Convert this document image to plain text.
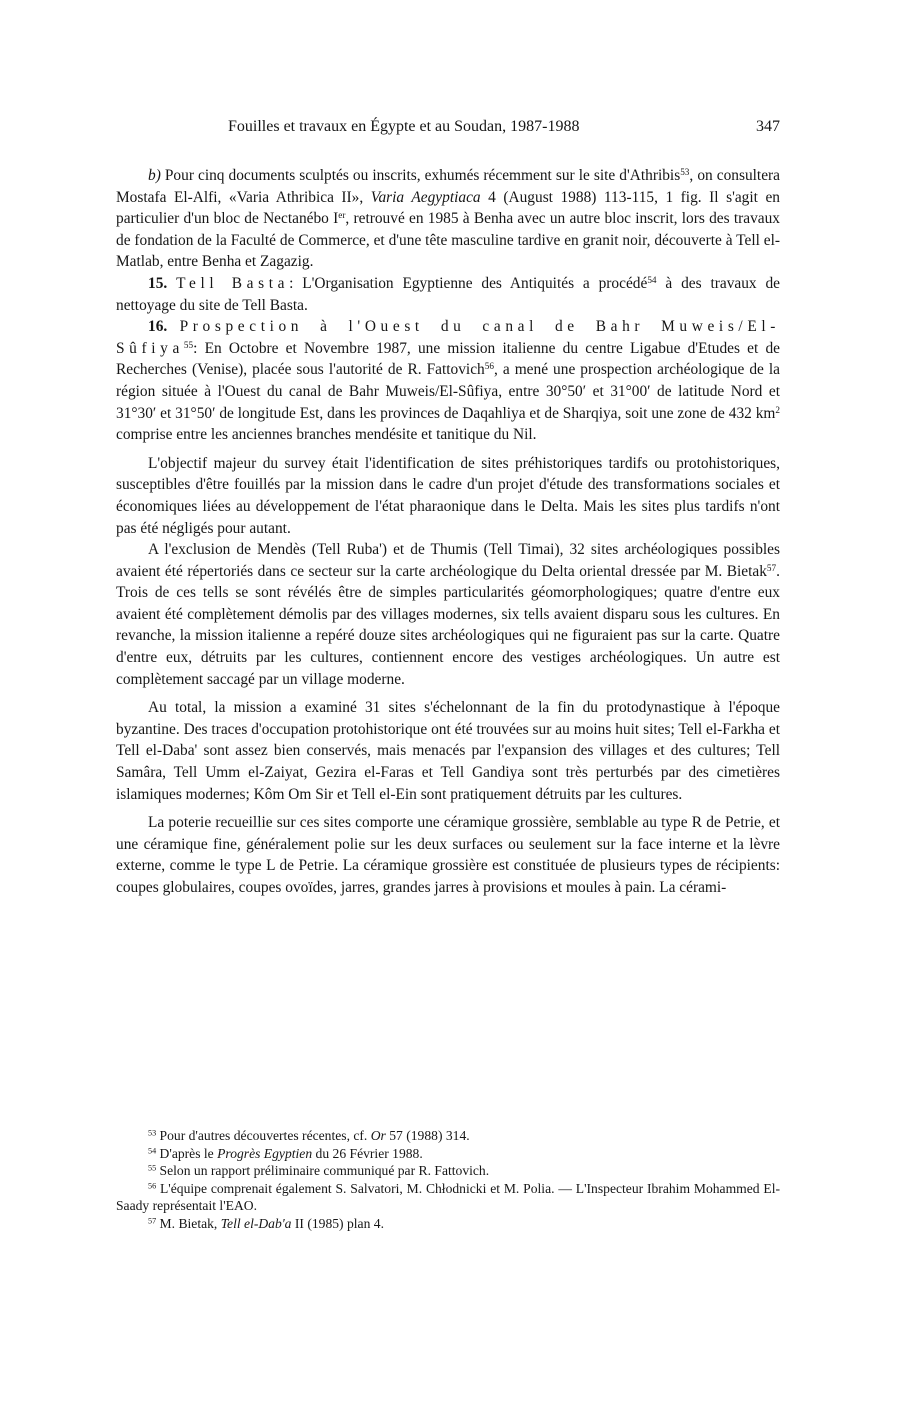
Fouilles et travaux en Égypte et au Soudan, 1987-1988	347

b) Pour cinq documents sculptés ou inscrits, exhumés récemment sur le site d'Athribis$^{53}$, on consultera Mostafa El-Alfi, «Varia Athribica II», Varia Aegyptiaca 4 (August 1988) 113-115, 1 fig. Il s'agit en particulier d'un bloc de Nectanébo Ier, retrouvé en 1985 à Benha avec un autre bloc inscrit, lors des travaux de fondation de la Faculté de Commerce, et d'une tête masculine tardive en granit noir, découverte à Tell el-Matlab, entre Benha et Zagazig.

15. Tell Basta: L'Organisation Egyptienne des Antiquités a procédé$^{54}$ à des travaux de nettoyage du site de Tell Basta.

16. Prospection à l'Ouest du canal de Bahr Muweis/El-Sûfiya$^{55}$: En Octobre et Novembre 1987, une mission italienne du centre Ligabue d'Etudes et de Recherches (Venise), placée sous l'autorité de R. Fattovich$^{56}$, a mené une prospection archéologique de la région située à l'Ouest du canal de Bahr Muweis/El-Sûfiya, entre 30°50′ et 31°00′ de latitude Nord et 31°30′ et 31°50′ de longitude Est, dans les provinces de Daqahliya et de Sharqiya, soit une zone de 432 $km^2$ comprise entre les anciennes branches mendésite et tanitique du Nil.

L'objectif majeur du survey était l'identification de sites préhistoriques tardifs ou protohistoriques, susceptibles d'être fouillés par la mission dans le cadre d'un projet d'étude des transformations sociales et économiques liées au développement de l'état pharaonique dans le Delta. Mais les sites plus tardifs n'ont pas été négligés pour autant.

A l'exclusion de Mendès (Tell Ruba') et de Thumis (Tell Timai), 32 sites archéologiques possibles avaient été répertoriés dans ce secteur sur la carte archéologique du Delta oriental dressée par M. Bietak$^{57}$. Trois de ces tells se sont révélés être de simples particularités géomorphologiques; quatre d'entre eux avaient été complètement démolis par des villages modernes, six tells avaient disparu sous les cultures. En revanche, la mission italienne a repéré douze sites archéologiques qui ne figuraient pas sur la carte. Quatre d'entre eux, détruits par les cultures, contiennent encore des vestiges archéologiques. Un autre est complètement saccagé par un village moderne.

Au total, la mission a examiné 31 sites s'échelonnant de la fin du protodynastique à l'époque byzantine. Des traces d'occupation protohistorique ont été trouvées sur au moins huit sites; Tell el-Farkha et Tell el-Daba' sont assez bien conservés, mais menacés par l'expansion des villages et des cultures; Tell Samâra, Tell Umm el-Zaiyat, Gezira el-Faras et Tell Gandiya sont très perturbés par des cimetières islamiques modernes; Kôm Om Sir et Tell el-Ein sont pratiquement détruits par les cultures.

La poterie recueillie sur ces sites comporte une céramique grossière, semblable au type R de Petrie, et une céramique fine, généralement polie sur les deux surfaces ou seulement sur la face interne et la lèvre externe, comme le type L de Petrie. La céramique grossière est constituée de plusieurs types de récipients: coupes globulaires, coupes ovoïdes, jarres, grandes jarres à provisions et moules à pain. La cérami-

$^{53}$ Pour d'autres découvertes récentes, cf. Or 57 (1988) 314.

$^{54}$ D'après le Progrès Egyptien du 26 Février 1988.

$^{55}$ Selon un rapport préliminaire communiqué par R. Fattovich.

$^{56}$ L'équipe comprenait également S. Salvatori, M. Chłodnicki et M. Polia. — L'Inspecteur Ibrahim Mohammed El-Saady représentait l'EAO.

$^{57}$ M. Bietak, Tell el-Dab'a II (1985) plan 4.
